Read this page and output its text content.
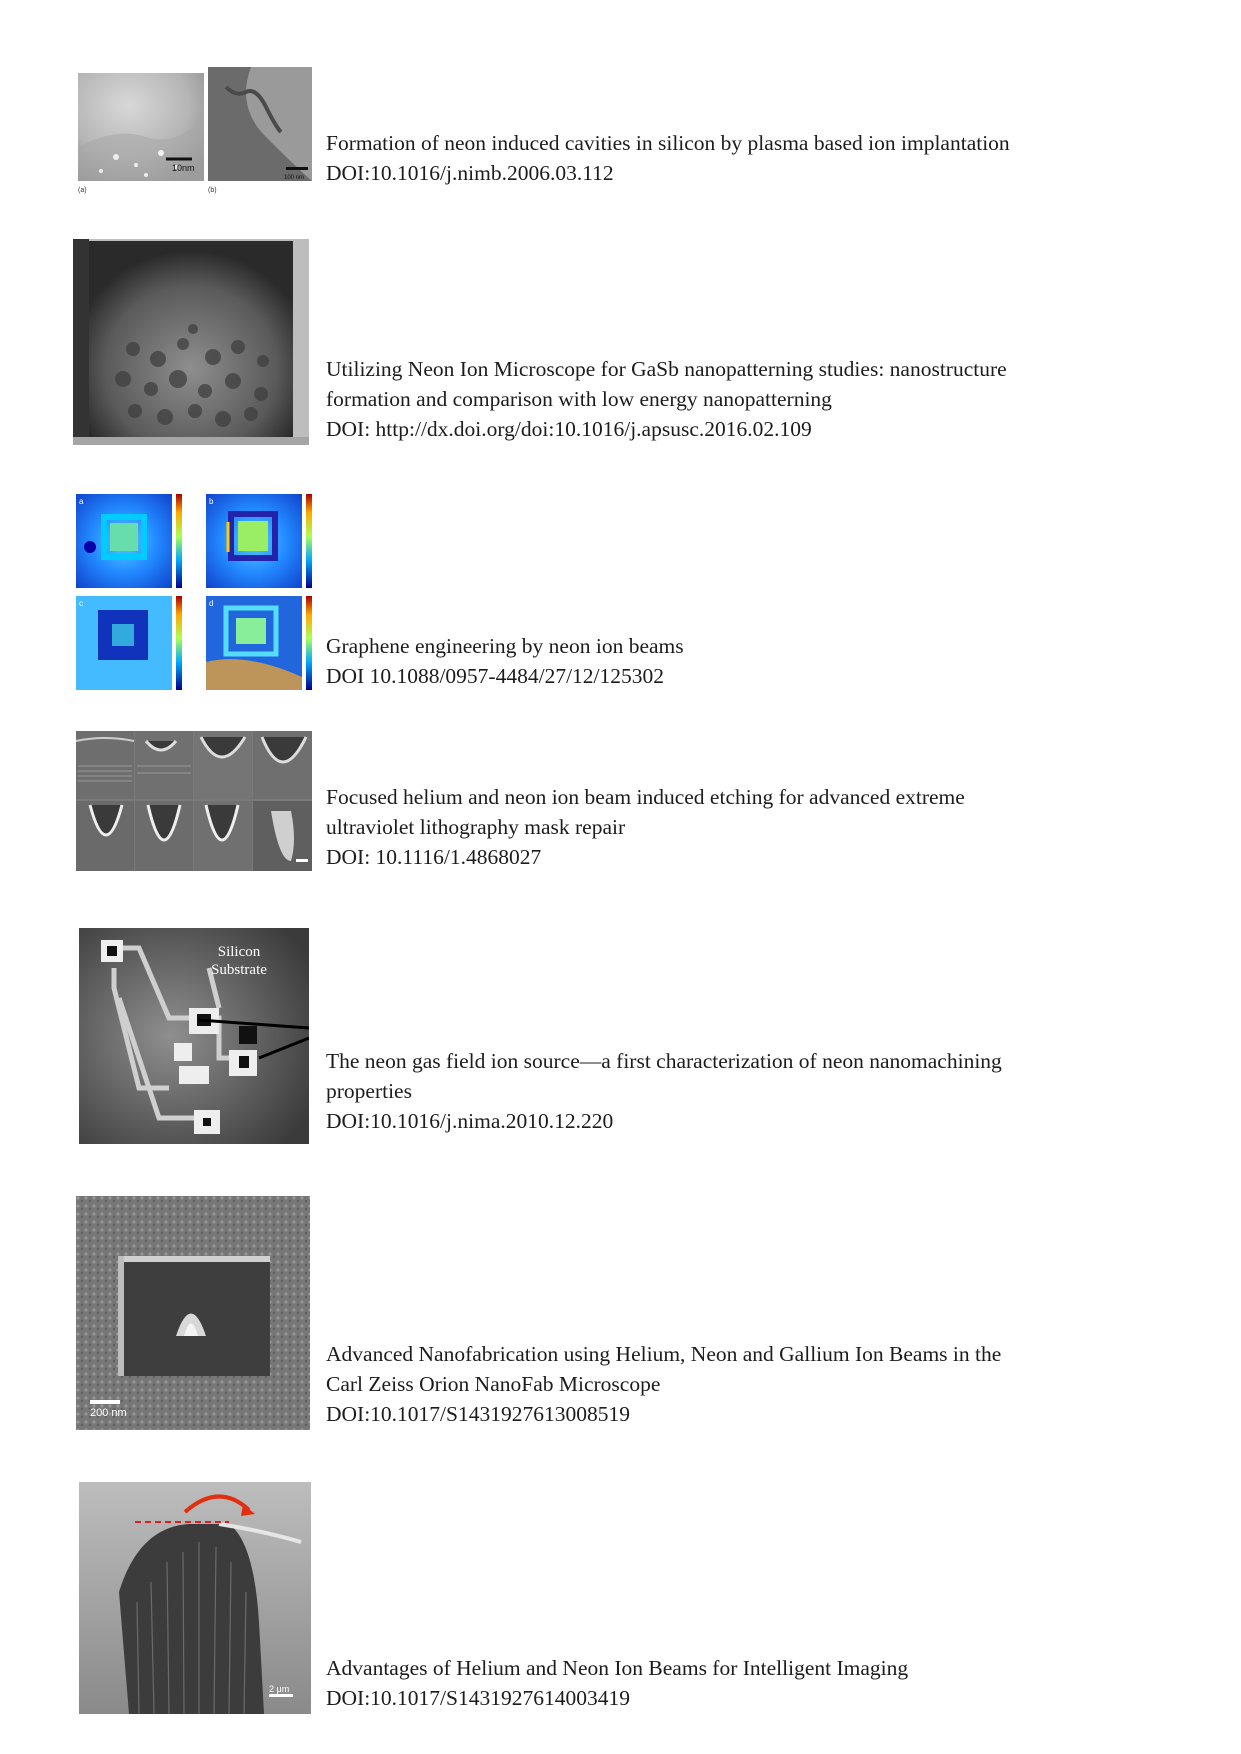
10nm
100 nm
(a)	(b)
Formation of neon induced cavities in silicon by plasma based ion implantation
DOI:10.1016/j.nimb.2006.03.112
Utilizing Neon Ion Microscope for GaSb nanopatterning studies: nanostructure
formation and comparison with low energy nanopatterning
DOI: http://dx.doi.org/doi:10.1016/j.apsusc.2016.02.109
a	b
c	d
Graphene engineering by neon ion beams
DOI 10.1088/0957-4484/27/12/125302
Focused helium and neon ion beam induced etching for advanced extreme
ultraviolet lithography mask repair
DOI: 10.1116/1.4868027
Silicon
Substrate
The neon gas field ion source—a first characterization of neon nanomachining
properties
DOI:10.1016/j.nima.2010.12.220
200 nm
Advanced Nanofabrication using Helium, Neon and Gallium Ion Beams in the
Carl Zeiss Orion NanoFab Microscope
DOI:10.1017/S1431927613008519
2 μm
Advantages of Helium and Neon Ion Beams for Intelligent Imaging
DOI:10.1017/S1431927614003419
